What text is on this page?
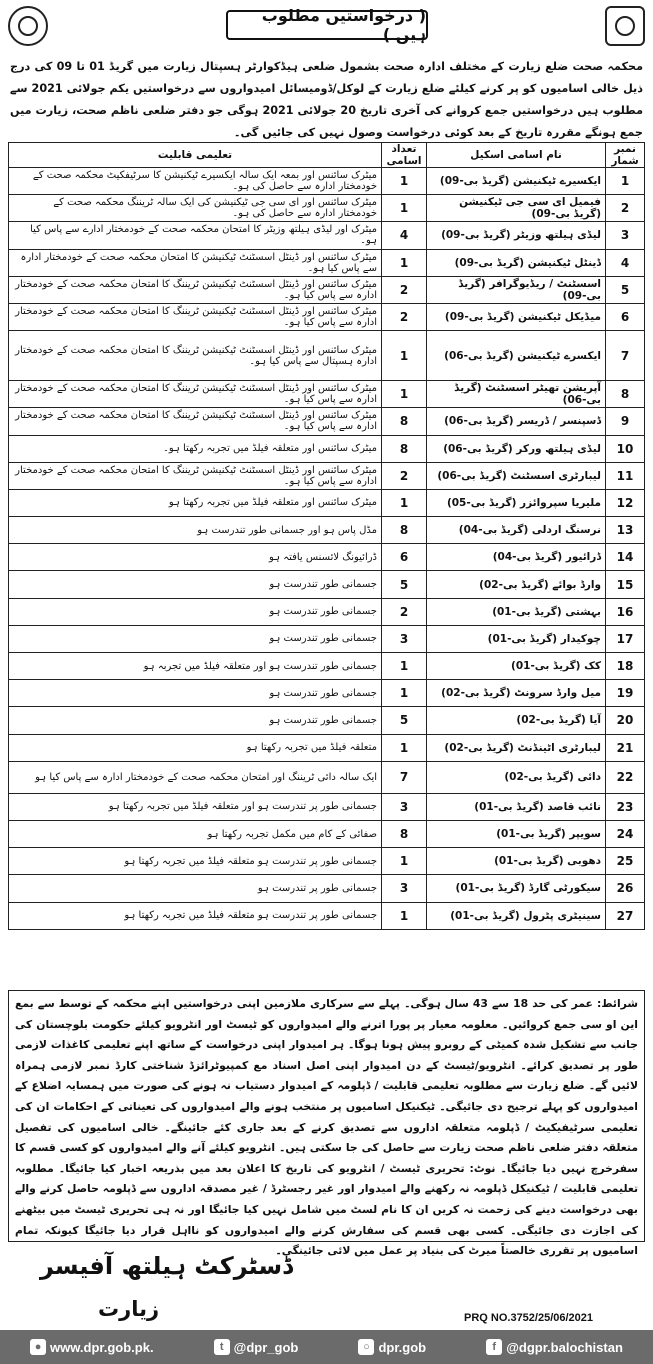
( درخواستیں مطلوب ہیں )
محکمہ صحت ضلع زیارت کے مختلف ادارہ صحت بشمول ضلعی ہیڈکوارٹر ہسپتال زیارت میں گریڈ 01 تا 09 کی درج ذیل خالی اسامیوں کو پر کرنے کیلئے ضلع زیارت کے لوکل/ڈومیسائل امیدواروں سے درخواستیں یکم جولائی 2021 سے مطلوب ہیں درخواستیں جمع کروانے کی آخری تاریخ 20 جولائی 2021 ہوگی جو دفتر ضلعی ناظم صحت، زیارت میں جمع ہونگے مقررہ تاریخ کے بعد کوئی درخواست وصول نہیں کی جائیں گی۔
نمبر شمار	نام اسامی اسکیل	تعداد اسامی	تعلیمی قابلیت
1	ایکسیرے ٹیکنیشن (گریڈ بی-09)	1	میٹرک سائنس اور بمعہ ایک سالہ ایکسیرے ٹیکنیشن کا سرٹیفکیٹ محکمہ صحت کے خودمختار ادارہ سے حاصل کی ہو۔
2	فیمیل ای سی جی ٹیکنیشن (گریڈ بی-09)	1	میٹرک سائنس اور ای سی جی ٹیکنیشن کی ایک سالہ ٹریننگ محکمہ صحت کے خودمختار ادارہ سے حاصل کی ہو۔
3	لیڈی ہیلتھ وزیٹر (گریڈ بی-09)	4	میٹرک اور لیڈی ہیلتھ وزیٹر کا امتحان محکمہ صحت کے خودمختار ادارے سے پاس کیا ہو۔
4	ڈینٹل ٹیکنیشن (گریڈ بی-09)	1	میٹرک سائنس اور ڈینٹل اسسٹنٹ ٹیکنیشن کا امتحان محکمہ صحت کے خودمختار ادارہ سے پاس کیا ہو۔
5	اسسٹنٹ / ریڈیوگرافر (گریڈ بی-09)	2	میٹرک سائنس اور ڈینٹل اسسٹنٹ ٹیکنیشن ٹریننگ کا امتحان محکمہ صحت کے خودمختار ادارہ سے پاس کیا ہو۔
6	میڈیکل ٹیکنیشن (گریڈ بی-09)	2	میٹرک سائنس اور ڈینٹل اسسٹنٹ ٹیکنیشن ٹریننگ کا امتحان محکمہ صحت کے خودمختار ادارہ سے پاس کیا ہو۔
7	ایکسرے ٹیکنیشن (گریڈ بی-06)	1	میٹرک سائنس اور ڈینٹل اسسٹنٹ ٹیکنیشن ٹریننگ کا امتحان محکمہ صحت کے خودمختار ادارہ ہسپتال سے پاس کیا ہو۔
8	آپریشن تھیٹر اسسٹنٹ (گریڈ بی-06)	1	میٹرک سائنس اور ڈینٹل اسسٹنٹ ٹیکنیشن ٹریننگ کا امتحان محکمہ صحت کے خودمختار ادارہ سے پاس کیا ہو۔
9	ڈسپنسر / ڈریسر (گریڈ بی-06)	8	میٹرک سائنس اور ڈینٹل اسسٹنٹ ٹیکنیشن ٹریننگ کا امتحان محکمہ صحت کے خودمختار ادارہ سے پاس کیا ہو۔
10	لیڈی ہیلتھ ورکر (گریڈ بی-06)	8	میٹرک سائنس اور متعلقہ فیلڈ میں تجربہ رکھتا ہو۔
11	لیبارٹری اسسٹنٹ (گریڈ بی-06)	2	میٹرک سائنس اور ڈینٹل اسسٹنٹ ٹیکنیشن ٹریننگ کا امتحان محکمہ صحت کے خودمختار ادارہ سے پاس کیا ہو۔
12	ملیریا سپروائزر (گریڈ بی-05)	1	میٹرک سائنس اور متعلقہ فیلڈ میں تجربہ رکھتا ہو
13	نرسنگ اردلی (گریڈ بی-04)	8	مڈل پاس ہو اور جسمانی طور تندرست ہو
14	ڈرائیور (گریڈ بی-04)	6	ڈرائیونگ لائسنس یافتہ ہو
15	وارڈ بوائے (گریڈ بی-02)	5	جسمانی طور تندرست ہو
16	بہشتی (گریڈ بی-01)	2	جسمانی طور تندرست ہو
17	چوکیدار (گریڈ بی-01)	3	جسمانی طور تندرست ہو
18	کک (گریڈ بی-01)	1	جسمانی طور تندرست ہو اور متعلقہ فیلڈ میں تجربہ ہو
19	میل وارڈ سرونٹ (گریڈ بی-02)	1	جسمانی طور تندرست ہو
20	آیا (گریڈ بی-02)	5	جسمانی طور تندرست ہو
21	لیبارٹری اٹینڈنٹ (گریڈ بی-02)	1	متعلقہ فیلڈ میں تجربہ رکھتا ہو
22	دائی (گریڈ بی-02)	7	ایک سالہ دائی ٹریننگ اور امتحان محکمہ صحت کے خودمختار ادارہ سے پاس کیا ہو
23	نائب قاصد (گریڈ بی-01)	3	جسمانی طور پر تندرست ہو اور متعلقہ فیلڈ میں تجربہ رکھتا ہو
24	سویپر (گریڈ بی-01)	8	صفائی کے کام میں مکمل تجربہ رکھتا ہو
25	دھوبی (گریڈ بی-01)	1	جسمانی طور پر تندرست ہو متعلقہ فیلڈ میں تجربہ رکھتا ہو
26	سیکورٹی گارڈ (گریڈ بی-01)	3	جسمانی طور پر تندرست ہو
27	سینیٹری پٹرول (گریڈ بی-01)	1	جسمانی طور پر تندرست ہو متعلقہ فیلڈ میں تجربہ رکھتا ہو
شرائط: عمر کی حد 18 سے 43 سال ہوگی۔ پہلے سے سرکاری ملازمین اپنی درخواستیں اپنے محکمہ کے توسط سے بمع این او سی جمع کروائیں۔ معلومہ معیار پر پورا اترنے والے امیدواروں کو ٹیسٹ اور انٹرویو کیلئے حکومت بلوچستان کی جانب سے تشکیل شدہ کمیٹی کے روبرو پیش ہونا ہوگا۔ ہر امیدوار اپنی درخواست کے ساتھ اپنے تعلیمی کاغذات لازمی طور پر تصدیق کرائے۔ انٹرویو/ٹیسٹ کے دن امیدوار اپنی اصل اسناد مع کمپیوٹرائزڈ شناختی کارڈ نمبر لازمی ہمراہ لائیں گے۔ ضلع زیارت سے مطلوبہ تعلیمی قابلیت / ڈپلومہ کے امیدوار دستیاب نہ ہونے کی صورت میں ہمسایہ اضلاع کے امیدواروں کو پہلے ترجیح دی جائیگی۔ ٹیکنیکل اسامیوں پر منتخب ہونے والے امیدواروں کی تعیناتی کے احکامات ان کی تعلیمی سرٹیفیکیٹ / ڈپلومہ متعلقہ اداروں سے تصدیق کرنے کے بعد جاری کئے جائینگے۔ خالی اسامیوں کی تفصیل متعلقہ دفتر ضلعی ناظم صحت زیارت سے حاصل کی جا سکتی ہیں۔ انٹرویو کیلئے آنے والے امیدواروں کو کسی قسم کا سفرخرچ نہیں دیا جائیگا۔ نوٹ: تحریری ٹیسٹ / انٹرویو کی تاریخ کا اعلان بعد میں بذریعہ اخبار کیا جائیگا۔ مطلوبہ تعلیمی قابلیت / ٹیکنیکل ڈپلومہ نہ رکھنے والے امیدوار اور غیر رجسٹرڈ / غیر مصدقہ اداروں سے ڈپلومہ حاصل کرنے والے بھی درخواست دینے کی زحمت نہ کریں ان کا نام لسٹ میں شامل نہیں کیا جائیگا اور نہ ہی تحریری ٹیسٹ میں بیٹھنے کی اجازت دی جائیگی۔ کسی بھی قسم کی سفارش کرنے والے امیدواروں کو نااہل قرار دیا جائیگا کیونکہ تمام اسامیوں پر تقرری خالصتاً میرٹ کی بنیاد پر عمل میں لائی جائینگی۔
ڈسٹرکٹ ہیلتھ آفیسر
زیارت	PRQ NO.3752/25/06/2021
● www.dpr.gob.pk.	t @dpr_gob	○ dpr.gob	f @dgpr.balochistan
